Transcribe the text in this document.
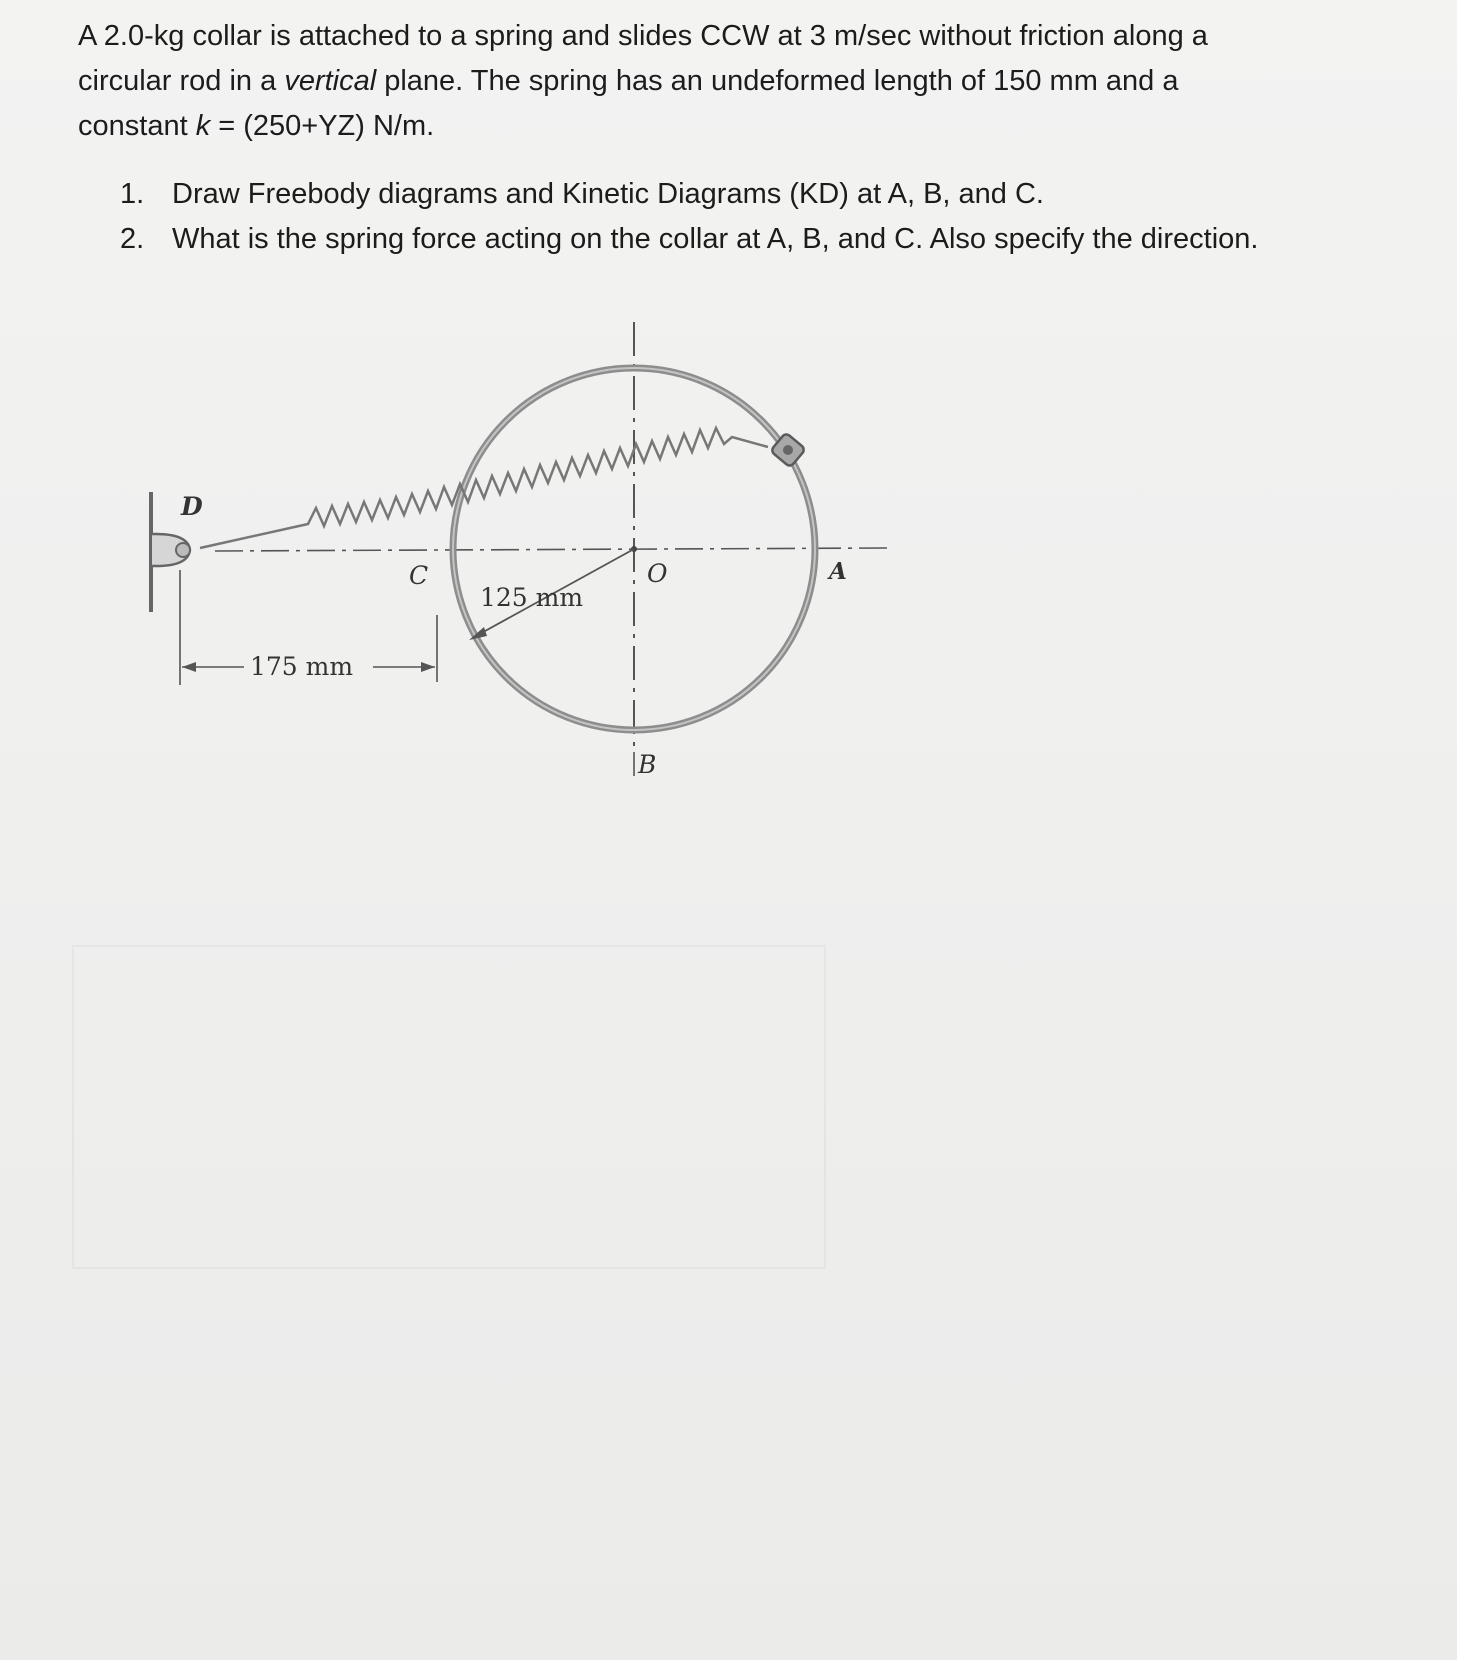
A 2.0-kg collar is attached to a spring and slides CCW at 3 m/sec without friction along a

circular rod in a vertical plane. The spring has an undeformed length of 150 mm and a

constant k = (250+YZ) N/m.

1. Draw Freebody diagrams and Kinetic Diagrams (KD) at A, B, and C.
2. What is the spring force acting on the collar at A, B, and C. Also specify the direction.
D
C	O	A
B
125 mm
175 mm
